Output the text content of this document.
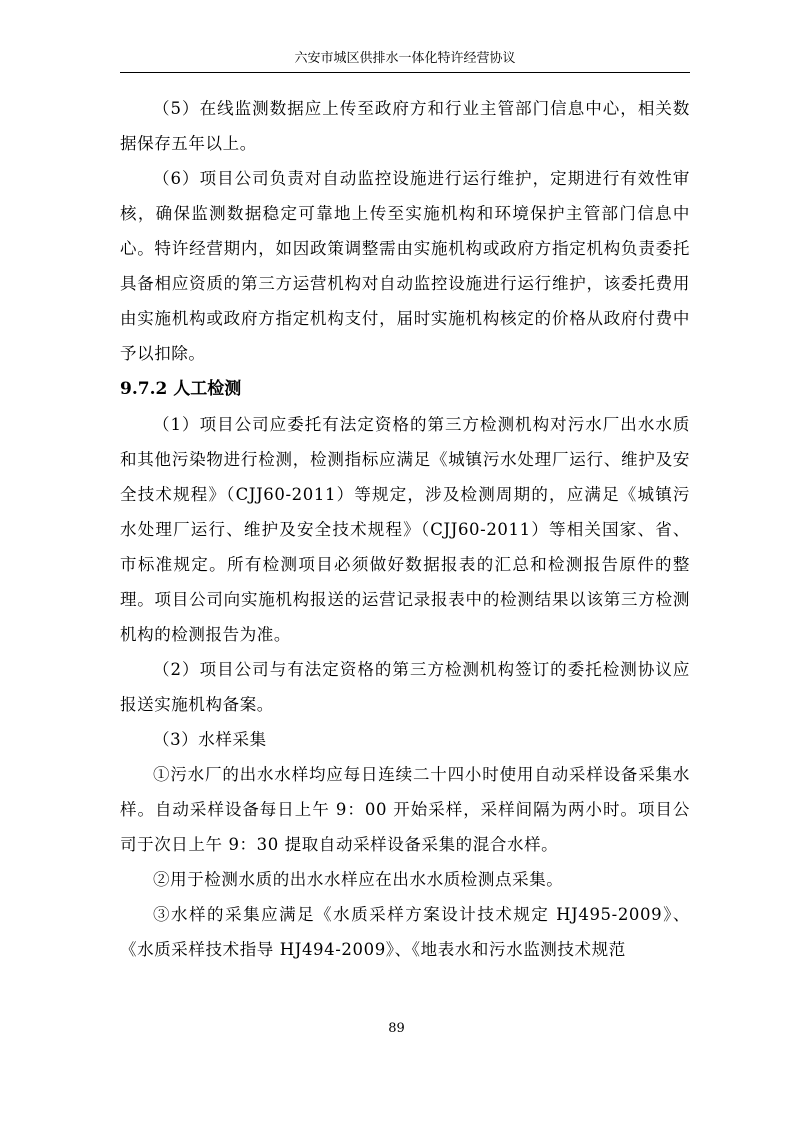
六安市城区供排水一体化特许经营协议

（5）在线监测数据应上传至政府方和行业主管部门信息中心，相关数据保存五年以上。

（6）项目公司负责对自动监控设施进行运行维护，定期进行有效性审核，确保监测数据稳定可靠地上传至实施机构和环境保护主管部门信息中心。特许经营期内，如因政策调整需由实施机构或政府方指定机构负责委托具备相应资质的第三方运营机构对自动监控设施进行运行维护，该委托费用由实施机构或政府方指定机构支付，届时实施机构核定的价格从政府付费中予以扣除。

9.7.2 人工检测

（1）项目公司应委托有法定资格的第三方检测机构对污水厂出水水质和其他污染物进行检测，检测指标应满足《城镇污水处理厂运行、维护及安全技术规程》（CJJ60-2011）等规定，涉及检测周期的，应满足《城镇污水处理厂运行、维护及安全技术规程》（CJJ60-2011）等相关国家、省、市标准规定。所有检测项目必须做好数据报表的汇总和检测报告原件的整理。项目公司向实施机构报送的运营记录报表中的检测结果以该第三方检测机构的检测报告为准。

（2）项目公司与有法定资格的第三方检测机构签订的委托检测协议应报送实施机构备案。

（3）水样采集

①污水厂的出水水样均应每日连续二十四小时使用自动采样设备采集水样。自动采样设备每日上午 9：00 开始采样，采样间隔为两小时。项目公司于次日上午 9：30 提取自动采样设备采集的混合水样。

②用于检测水质的出水水样应在出水水质检测点采集。

③水样的采集应满足《水质采样方案设计技术规定 HJ495-2009》、《水质采样技术指导 HJ494-2009》、《地表水和污水监测技术规范

89
